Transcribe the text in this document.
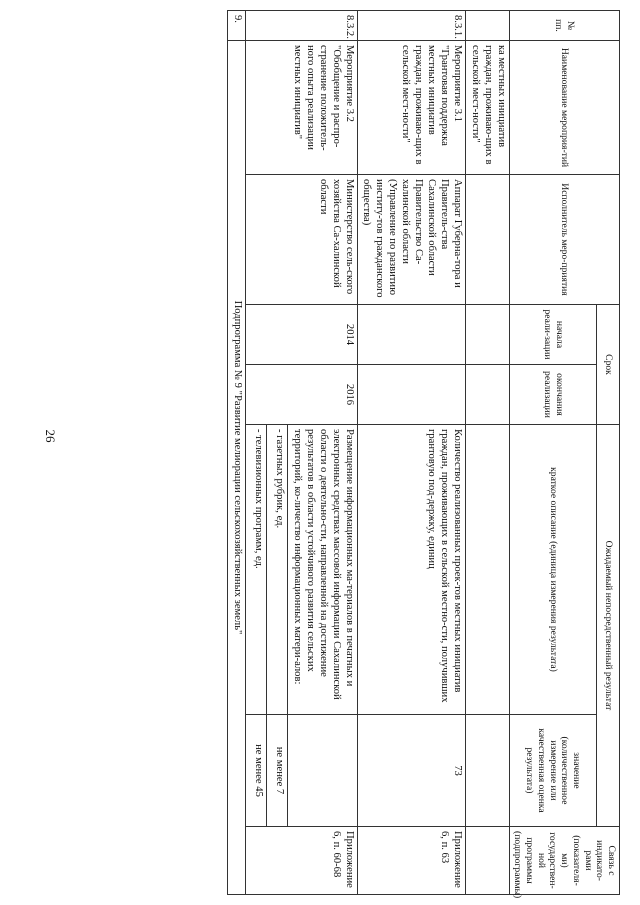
26
№ пп.	Наименование мероприя-тий	Исполнитель меро-приятия	Срок		Ожидаемый непосредственный результат		Связь с индикато-рами (показателя-ми) государствен-ной программы (подпрограммы)
			начала реали-зации	окончания реализации	краткое описание (единица измерения результата)	значение (количественное измерение или качественная оценка результата)	
	ка местных инициатив граждан, проживаю-щих в сельской мест-ности"						
8.3.1.	Мероприятие 3.1 "Грантовая поддержка местных инициатив граждан, проживаю-щих в сельской мест-ности"	Аппарат Губерна-тора и Правитель-ства Сахалинской области Правительство Са-халинской области (Управление по развитию институ-тов гражданского общества)			Количество реализованных проек-тов местных инициатив граждан, проживающих в сельской местно-сти, получивших грантовую под-держку, единиц	73	Приложение 6, п. 63
8.3.2.	Мероприятие 3.2 "Обобщение и распро-странение положитель-ного опыта реализации местных инициатив"	Министерство сель-ского хозяйства Са-халинской области	2014	2016	Размещение информационных ма-териалов в печатных и электронных средствах массовой информации Сахалинской области о деятельно-сти, направленной на достижение результатов в области устойчивого развития сельских территорий, ко-личество информационных матери-алов:		Приложение 6, п. 60-68
					- газетных рубрик, ед.	не менее 7	
					- телевизионных программ, ед.	не менее 45	
9.	Подпрограмма № 9 "Развитие мелиорации сельскохозяйственных земель"						
